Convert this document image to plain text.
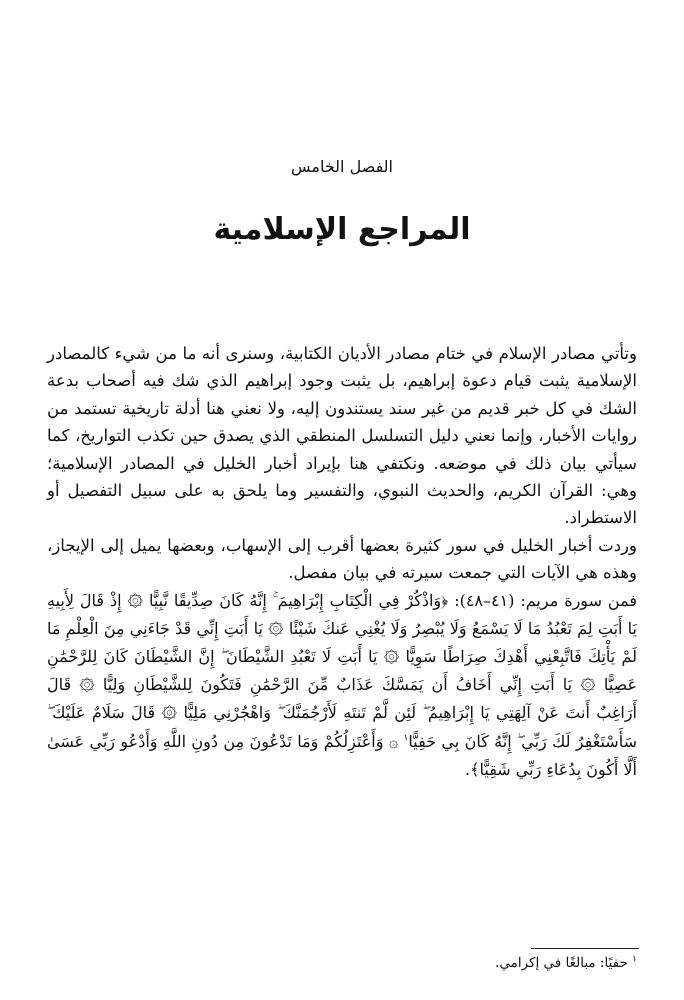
الفصل الخامس
المراجع الإسلامية

وتأتي مصادر الإسلام في ختام مصادر الأديان الكتابية، وسنرى أنه ما من شيء كالمصادر الإسلامية يثبت قيام دعوة إبراهيم، بل يثبت وجود إبراهيم الذي شك فيه أصحاب بدعة الشك في كل خبر قديم من غير سند يستندون إليه، ولا نعني هنا أدلة تاريخية تستمد من روايات الأخبار، وإنما نعني دليل التسلسل المنطقي الذي يصدق حين تكذب التواريخ، كما سيأتي بيان ذلك في موضعه. ونكتفي هنا بإيراد أخبار الخليل في المصادر الإسلامية؛ وهي: القرآن الكريم، والحديث النبوي، والتفسير وما يلحق به على سبيل التفصيل أو الاستطراد.

وردت أخبار الخليل في سور كثيرة بعضها أقرب إلى الإسهاب، وبعضها يميل إلى الإيجاز، وهذه هي الآيات التي جمعت سيرته في بيان مفصل.

فمن سورة مريم: (٤١–٤٨): ﴿وَاذْكُرْ فِي الْكِتَابِ إِبْرَاهِيمَ ۚ إِنَّهُ كَانَ صِدِّيقًا نَّبِيًّا ۞ إِذْ قَالَ لِأَبِيهِ يَا أَبَتِ لِمَ تَعْبُدُ مَا لَا يَسْمَعُ وَلَا يُبْصِرُ وَلَا يُغْنِي عَنكَ شَيْئًا ۞ يَا أَبَتِ إِنِّي قَدْ جَاءَنِي مِنَ الْعِلْمِ مَا لَمْ يَأْتِكَ فَاتَّبِعْنِي أَهْدِكَ صِرَاطًا سَوِيًّا ۞ يَا أَبَتِ لَا تَعْبُدِ الشَّيْطَانَ ۖ إِنَّ الشَّيْطَانَ كَانَ لِلرَّحْمَٰنِ عَصِيًّا ۞ يَا أَبَتِ إِنِّي أَخَافُ أَن يَمَسَّكَ عَذَابٌ مِّنَ الرَّحْمَٰنِ فَتَكُونَ لِلشَّيْطَانِ وَلِيًّا ۞ قَالَ أَرَاغِبٌ أَنتَ عَنْ آلِهَتِي يَا إِبْرَاهِيمُ ۖ لَئِن لَّمْ تَنتَهِ لَأَرْجُمَنَّكَ ۖ وَاهْجُرْنِي مَلِيًّا ۞ قَالَ سَلَامٌ عَلَيْكَ ۖ سَأَسْتَغْفِرُ لَكَ رَبِّي ۖ إِنَّهُ كَانَ بِي حَفِيًّا$^١$ ۞ وَأَعْتَزِلُكُمْ وَمَا تَدْعُونَ مِن دُونِ اللَّهِ وَأَدْعُو رَبِّي عَسَىٰ أَلَّا أَكُونَ بِدُعَاءِ رَبِّي شَقِيًّا﴾.

$^١$ حفيًا: مبالغًا في إكرامي.
